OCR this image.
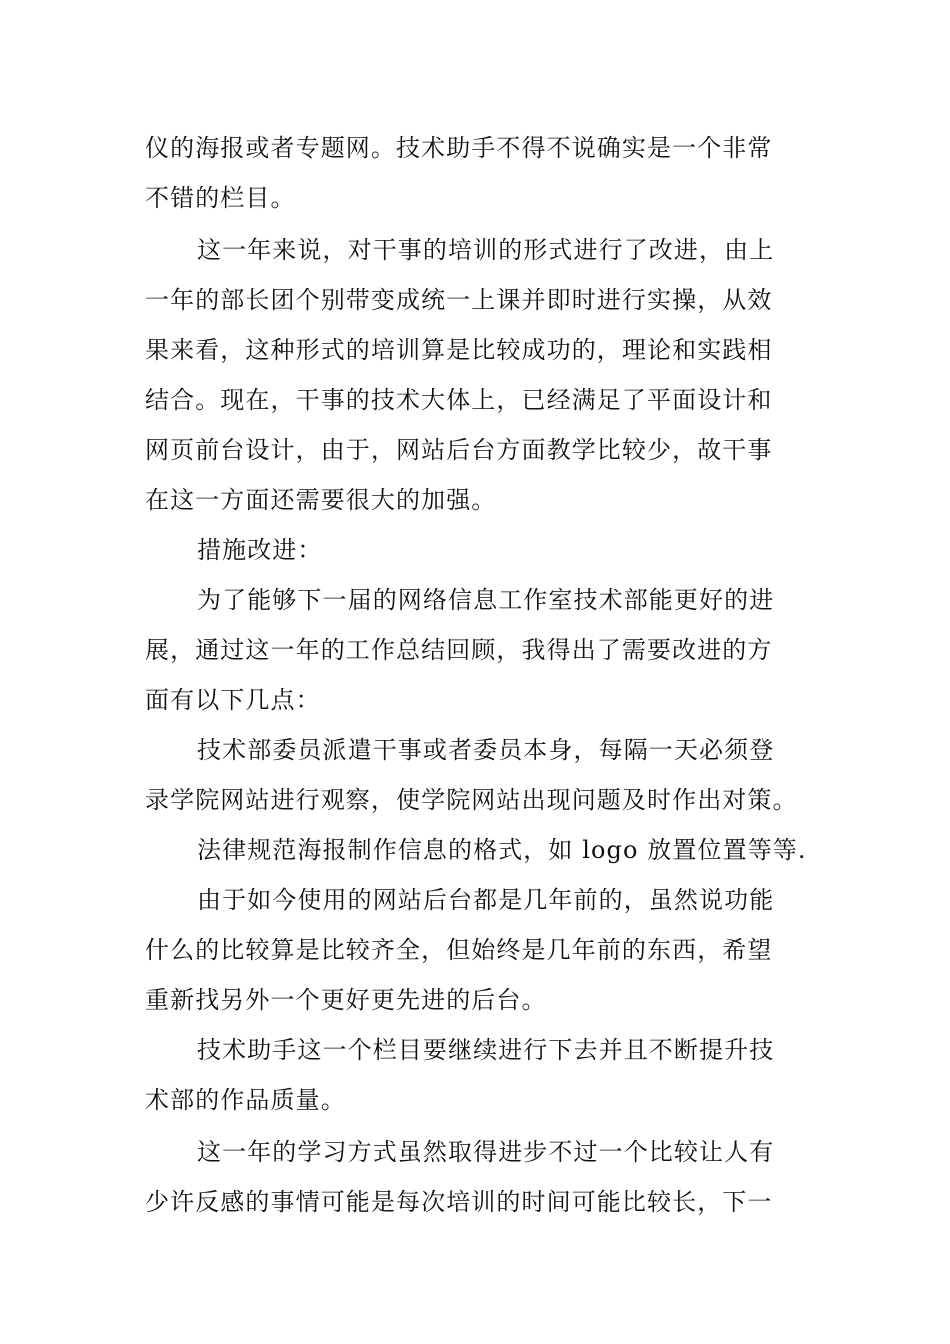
仪的海报或者专题网。技术助手不得不说确实是一个非常
不错的栏目。
这一年来说，对干事的培训的形式进行了改进，由上
一年的部长团个别带变成统一上课并即时进行实操，从效
果来看，这种形式的培训算是比较成功的，理论和实践相
结合。现在，干事的技术大体上，已经满足了平面设计和
网页前台设计，由于，网站后台方面教学比较少，故干事
在这一方面还需要很大的加强。
措施改进：
为了能够下一届的网络信息工作室技术部能更好的进
展，通过这一年的工作总结回顾，我得出了需要改进的方
面有以下几点：
技术部委员派遣干事或者委员本身，每隔一天必须登
录学院网站进行观察，使学院网站出现问题及时作出对策。
法律规范海报制作信息的格式，如 logo 放置位置等等.
由于如今使用的网站后台都是几年前的，虽然说功能
什么的比较算是比较齐全，但始终是几年前的东西，希望
重新找另外一个更好更先进的后台。
技术助手这一个栏目要继续进行下去并且不断提升技
术部的作品质量。
这一年的学习方式虽然取得进步不过一个比较让人有
少许反感的事情可能是每次培训的时间可能比较长，下一
